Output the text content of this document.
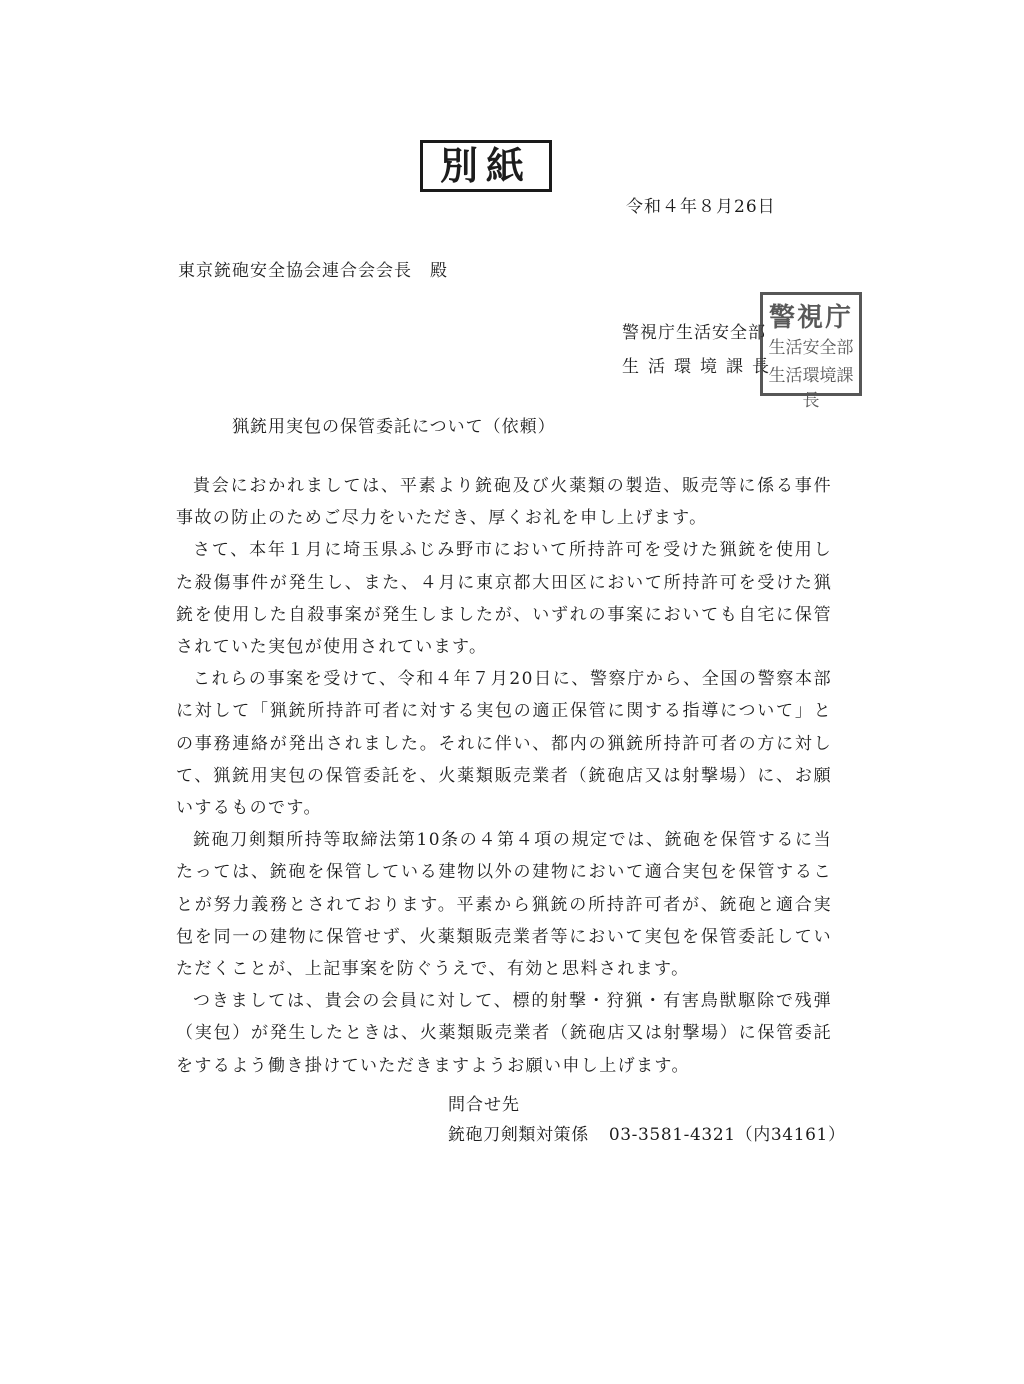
別紙
令和４年８月26日
東京銃砲安全協会連合会会長　殿
警視庁生活安全部
生活環境課長
警視庁
生活安全部
生活環境課長
猟銃用実包の保管委託について（依頼）

貴会におかれましては、平素より銃砲及び火薬類の製造、販売等に係る事件事故の防止のためご尽力をいただき、厚くお礼を申し上げます。

さて、本年１月に埼玉県ふじみ野市において所持許可を受けた猟銃を使用した殺傷事件が発生し、また、４月に東京都大田区において所持許可を受けた猟銃を使用した自殺事案が発生しましたが、いずれの事案においても自宅に保管されていた実包が使用されています。

これらの事案を受けて、令和４年７月20日に、警察庁から、全国の警察本部に対して「猟銃所持許可者に対する実包の適正保管に関する指導について」との事務連絡が発出されました。それに伴い、都内の猟銃所持許可者の方に対して、猟銃用実包の保管委託を、火薬類販売業者（銃砲店又は射撃場）に、お願いするものです。

銃砲刀剣類所持等取締法第10条の４第４項の規定では、銃砲を保管するに当たっては、銃砲を保管している建物以外の建物において適合実包を保管することが努力義務とされております。平素から猟銃の所持許可者が、銃砲と適合実包を同一の建物に保管せず、火薬類販売業者等において実包を保管委託していただくことが、上記事案を防ぐうえで、有効と思料されます。

つきましては、貴会の会員に対して、標的射撃・狩猟・有害鳥獣駆除で残弾（実包）が発生したときは、火薬類販売業者（銃砲店又は射撃場）に保管委託をするよう働き掛けていただきますようお願い申し上げます。

問合せ先
銃砲刀剣類対策係 03-3581-4321（内34161）
